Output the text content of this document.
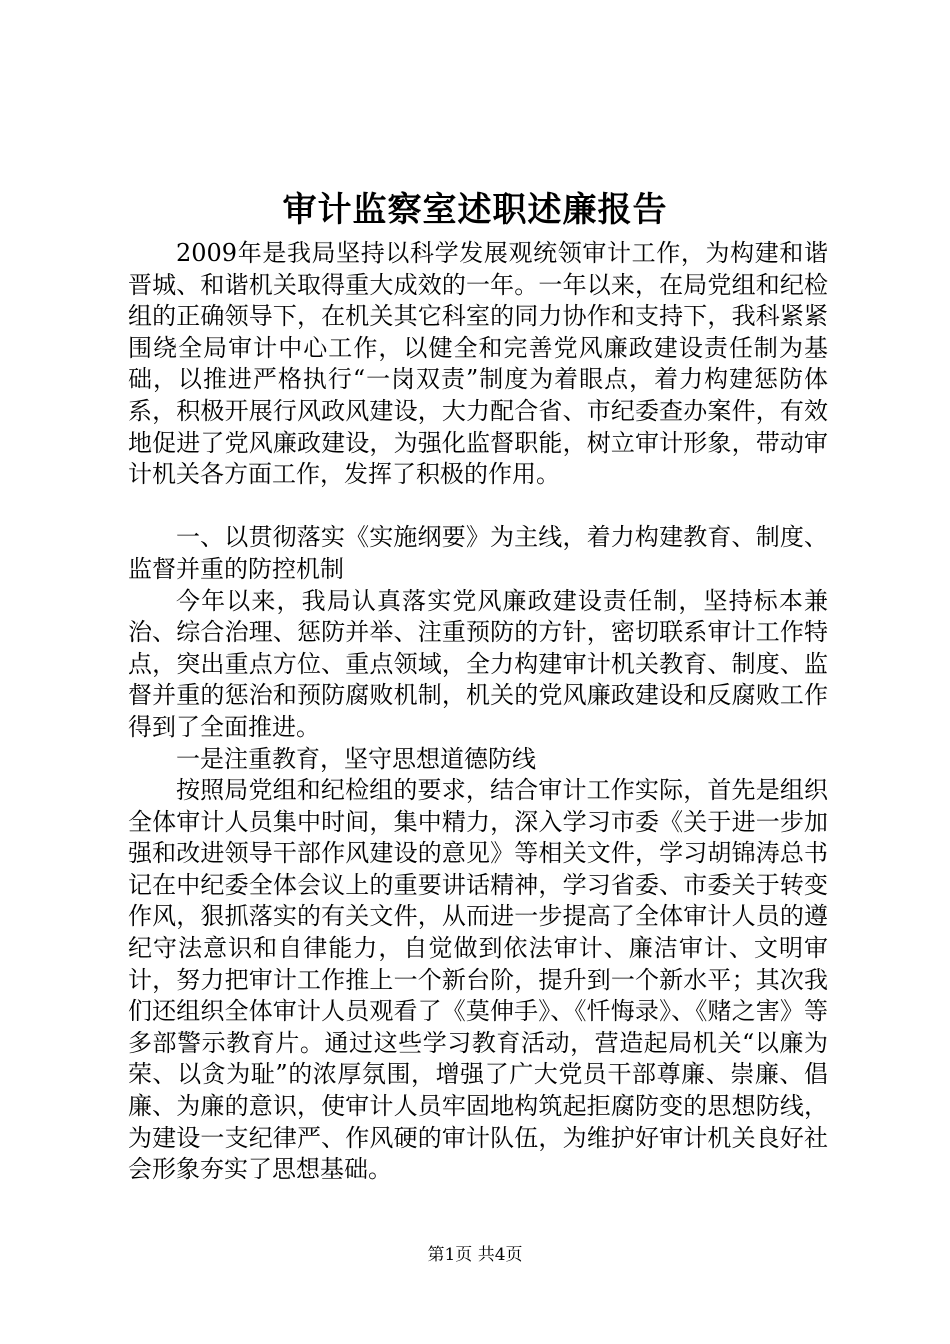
审计监察室述职述廉报告

2009年是我局坚持以科学发展观统领审计工作，为构建和谐晋城、和谐机关取得重大成效的一年。一年以来，在局党组和纪检组的正确领导下，在机关其它科室的同力协作和支持下，我科紧紧围绕全局审计中心工作，以健全和完善党风廉政建设责任制为基础，以推进严格执行“一岗双责”制度为着眼点，着力构建惩防体系，积极开展行风政风建设，大力配合省、市纪委查办案件，有效地促进了党风廉政建设，为强化监督职能，树立审计形象，带动审计机关各方面工作，发挥了积极的作用。

一、以贯彻落实《实施纲要》为主线，着力构建教育、制度、监督并重的防控机制

今年以来，我局认真落实党风廉政建设责任制，坚持标本兼治、综合治理、惩防并举、注重预防的方针，密切联系审计工作特点，突出重点方位、重点领域，全力构建审计机关教育、制度、监督并重的惩治和预防腐败机制，机关的党风廉政建设和反腐败工作得到了全面推进。

一是注重教育，坚守思想道德防线

按照局党组和纪检组的要求，结合审计工作实际，首先是组织全体审计人员集中时间，集中精力，深入学习市委《关于进一步加强和改进领导干部作风建设的意见》等相关文件，学习胡锦涛总书记在中纪委全体会议上的重要讲话精神，学习省委、市委关于转变作风，狠抓落实的有关文件，从而进一步提高了全体审计人员的遵纪守法意识和自律能力，自觉做到依法审计、廉洁审计、文明审计，努力把审计工作推上一个新台阶，提升到一个新水平；其次我们还组织全体审计人员观看了《莫伸手》、《忏悔录》、《赌之害》等多部警示教育片。通过这些学习教育活动，营造起局机关“以廉为荣、以贪为耻”的浓厚氛围，增强了广大党员干部尊廉、崇廉、倡廉、为廉的意识，使审计人员牢固地构筑起拒腐防变的思想防线，为建设一支纪律严、作风硬的审计队伍，为维护好审计机关良好社会形象夯实了思想基础。

第1页 共4页
